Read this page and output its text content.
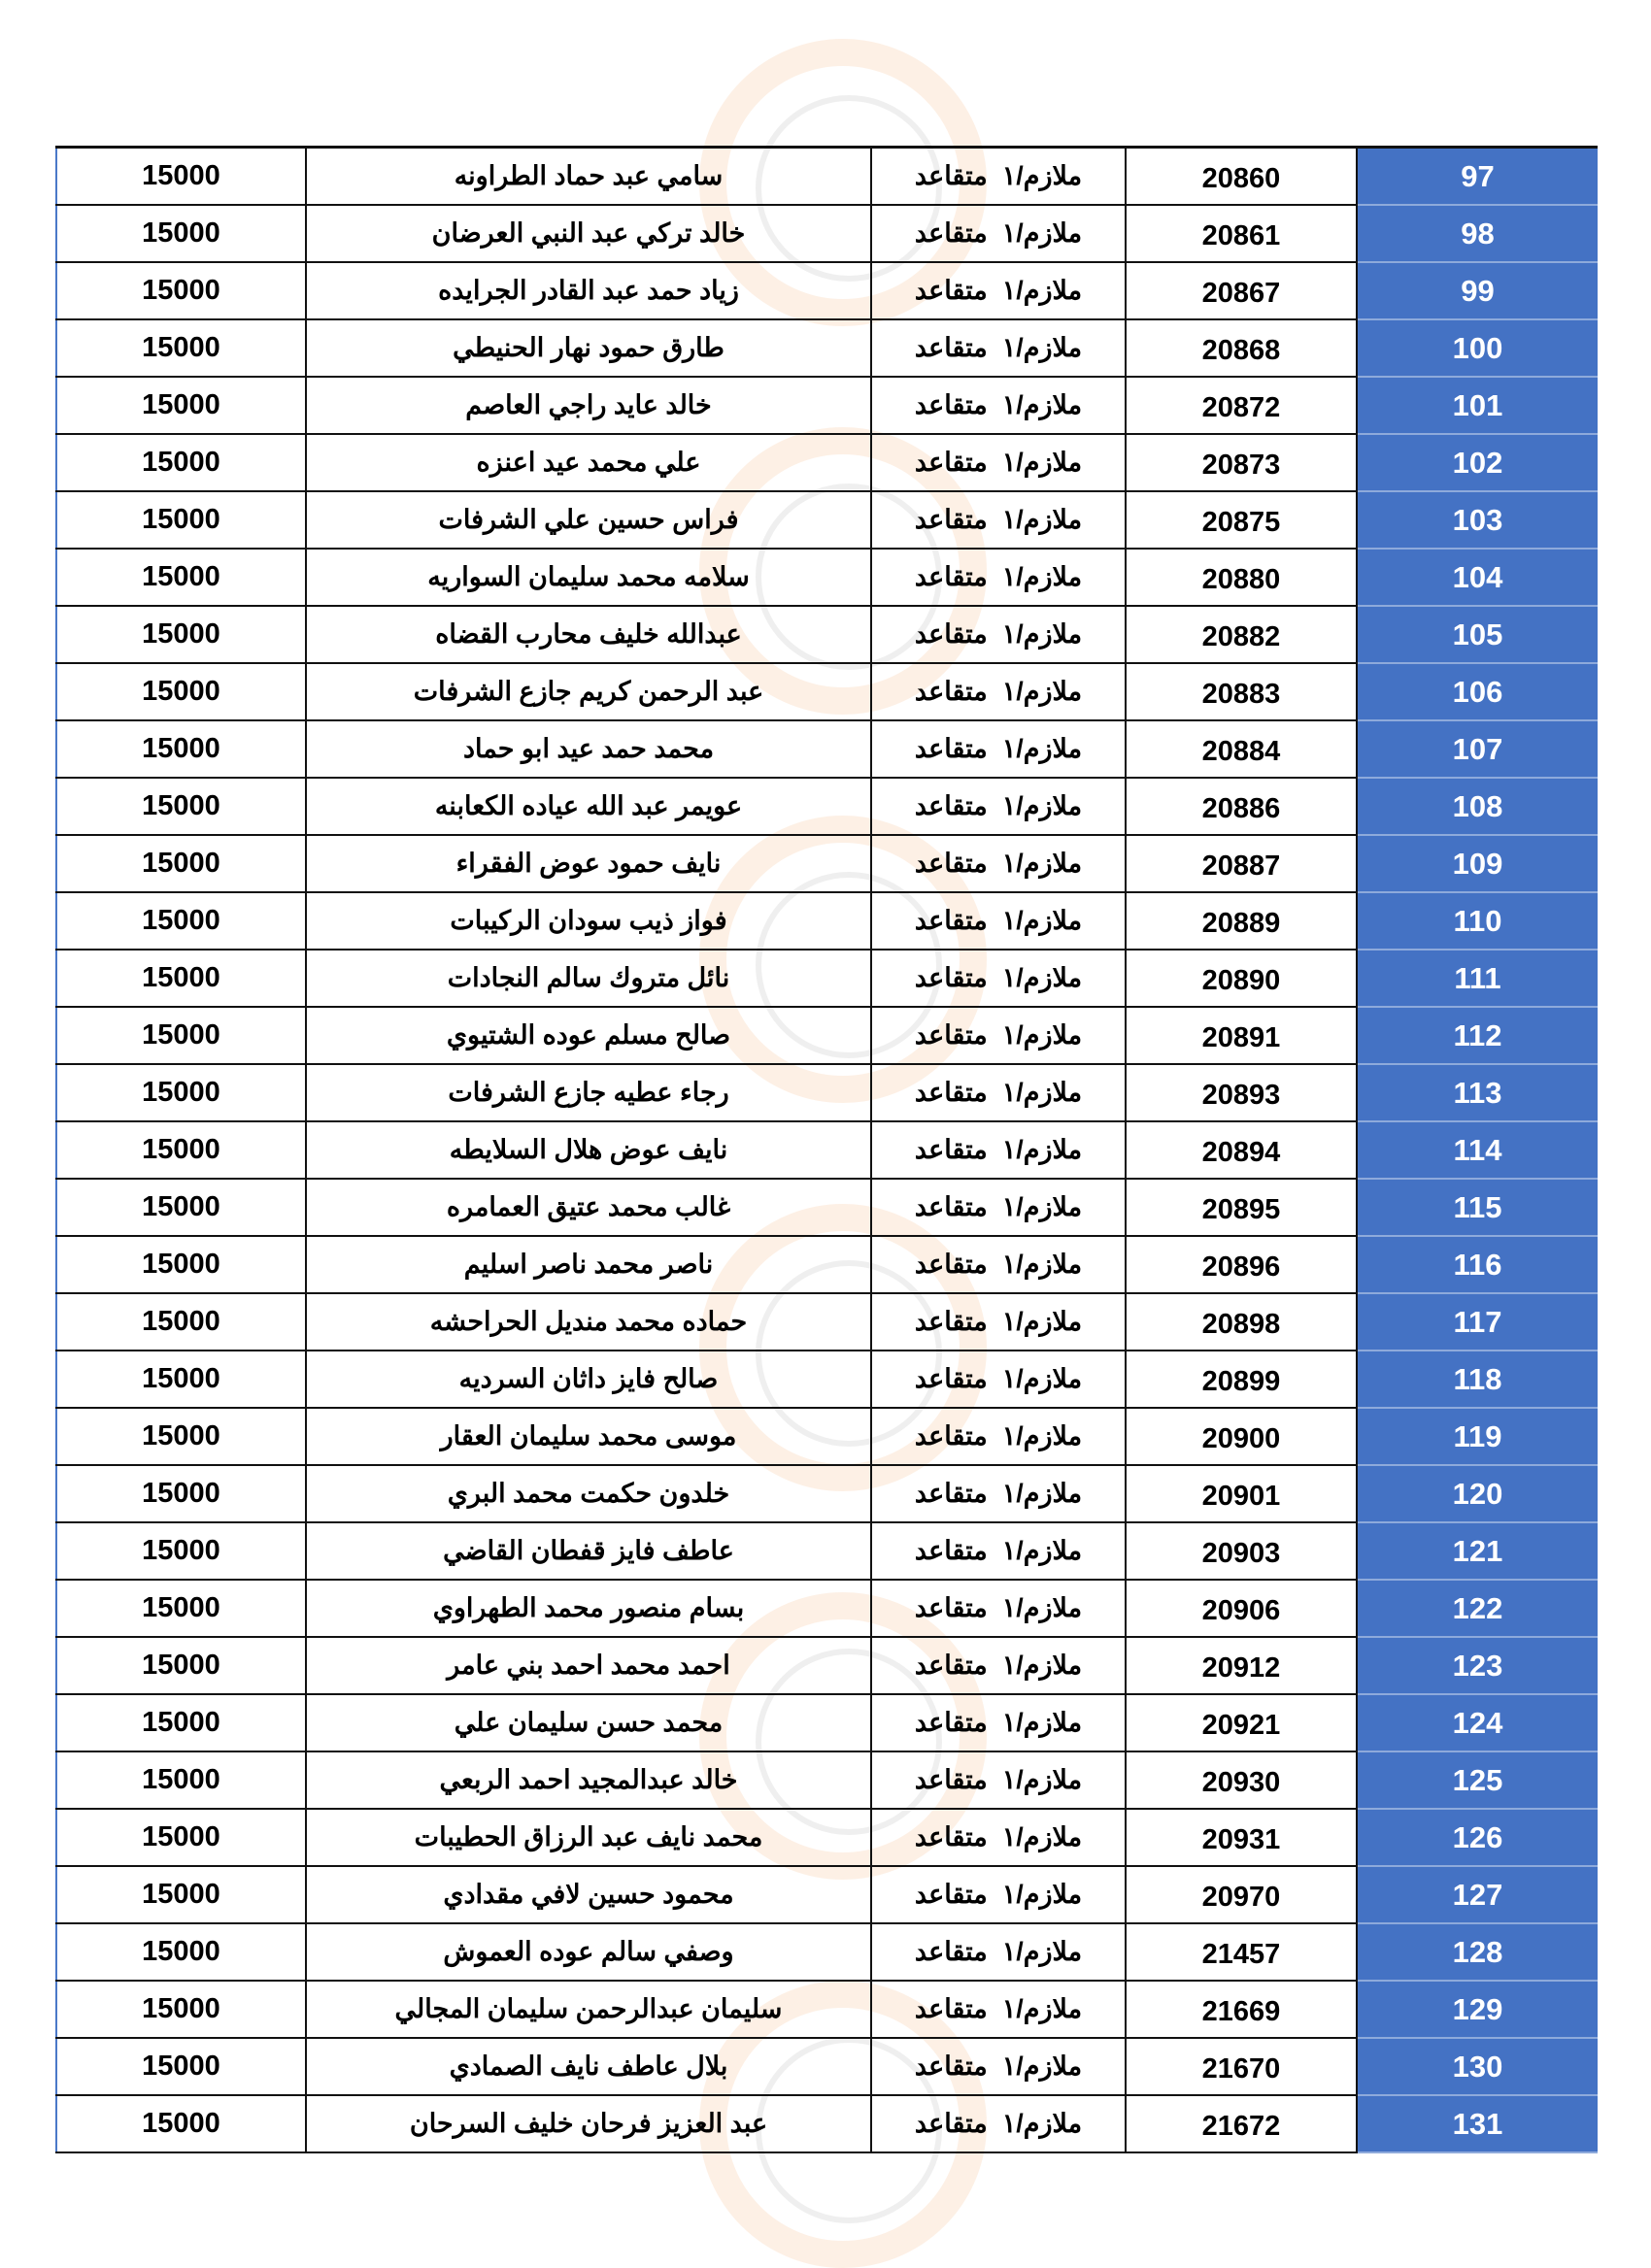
15000	سامي عبد حماد الطراونه	ملازم/١  متقاعد	20860	97
15000	خالد تركي عبد النبي العرضان	ملازم/١  متقاعد	20861	98
15000	زياد حمد عبد القادر الجرايده	ملازم/١  متقاعد	20867	99
15000	طارق حمود نهار الحنيطي	ملازم/١  متقاعد	20868	100
15000	خالد عايد راجي العاصم	ملازم/١  متقاعد	20872	101
15000	علي محمد عيد اعنزه	ملازم/١  متقاعد	20873	102
15000	فراس حسين علي الشرفات	ملازم/١  متقاعد	20875	103
15000	سلامه محمد سليمان السواريه	ملازم/١  متقاعد	20880	104
15000	عبدالله خليف محارب القضاه	ملازم/١  متقاعد	20882	105
15000	عبد الرحمن كريم جازع الشرفات	ملازم/١  متقاعد	20883	106
15000	محمد حمد عيد ابو حماد	ملازم/١  متقاعد	20884	107
15000	عويمر عبد الله عياده الكعابنه	ملازم/١  متقاعد	20886	108
15000	نايف حمود عوض الفقراء	ملازم/١  متقاعد	20887	109
15000	فواز ذيب سودان الركيبات	ملازم/١  متقاعد	20889	110
15000	نائل متروك سالم النجادات	ملازم/١  متقاعد	20890	111
15000	صالح مسلم عوده الشتيوي	ملازم/١  متقاعد	20891	112
15000	رجاء عطيه جازع الشرفات	ملازم/١  متقاعد	20893	113
15000	نايف عوض هلال السلايطه	ملازم/١  متقاعد	20894	114
15000	غالب محمد عتيق العمامره	ملازم/١  متقاعد	20895	115
15000	ناصر محمد ناصر اسليم	ملازم/١  متقاعد	20896	116
15000	حماده محمد منديل الحراحشه	ملازم/١  متقاعد	20898	117
15000	صالح فايز داثان السرديه	ملازم/١  متقاعد	20899	118
15000	موسى محمد سليمان العقار	ملازم/١  متقاعد	20900	119
15000	خلدون حكمت محمد البري	ملازم/١  متقاعد	20901	120
15000	عاطف فايز قفطان القاضي	ملازم/١  متقاعد	20903	121
15000	بسام منصور محمد الطهراوي	ملازم/١  متقاعد	20906	122
15000	احمد محمد احمد بني عامر	ملازم/١  متقاعد	20912	123
15000	محمد حسن سليمان علي	ملازم/١  متقاعد	20921	124
15000	خالد عبدالمجيد احمد الربعي	ملازم/١  متقاعد	20930	125
15000	محمد نايف عبد الرزاق الحطيبات	ملازم/١  متقاعد	20931	126
15000	محمود حسين لافي مقدادي	ملازم/١  متقاعد	20970	127
15000	وصفي سالم عوده العموش	ملازم/١  متقاعد	21457	128
15000	سليمان عبدالرحمن سليمان المجالي	ملازم/١  متقاعد	21669	129
15000	بلال عاطف نايف الصمادي	ملازم/١  متقاعد	21670	130
15000	عبد العزيز فرحان خليف السرحان	ملازم/١  متقاعد	21672	131
